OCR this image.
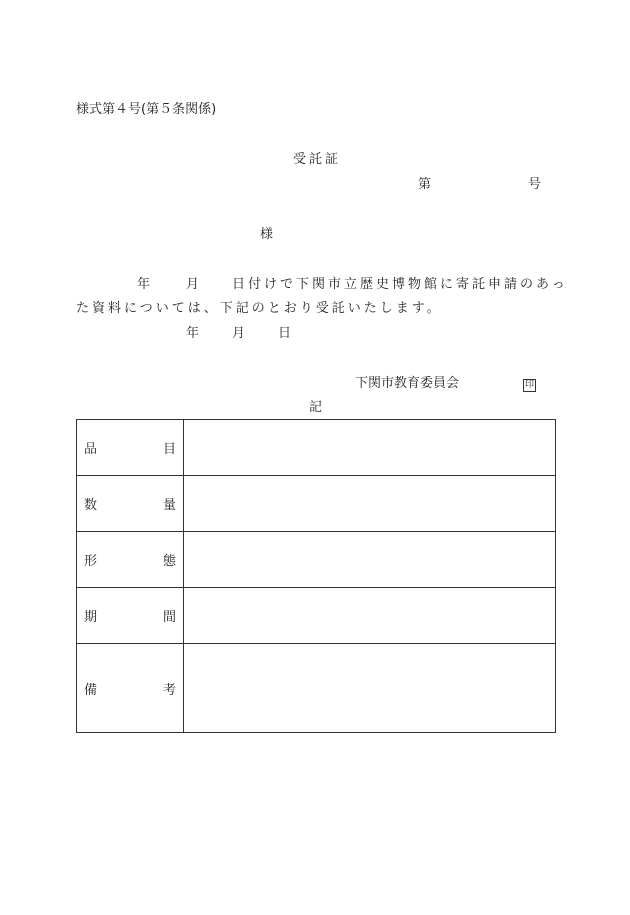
様式第４号(第５条関係)
受託証
第	号
様
年	月	日付けで下関市立歴史博物館に寄託申請のあっ
た資料については、下記のとおり受託いたします。
年	月	日
下関市教育委員会	印
記
品 目	

数 量	

形 態	

期 間	

備 考	
